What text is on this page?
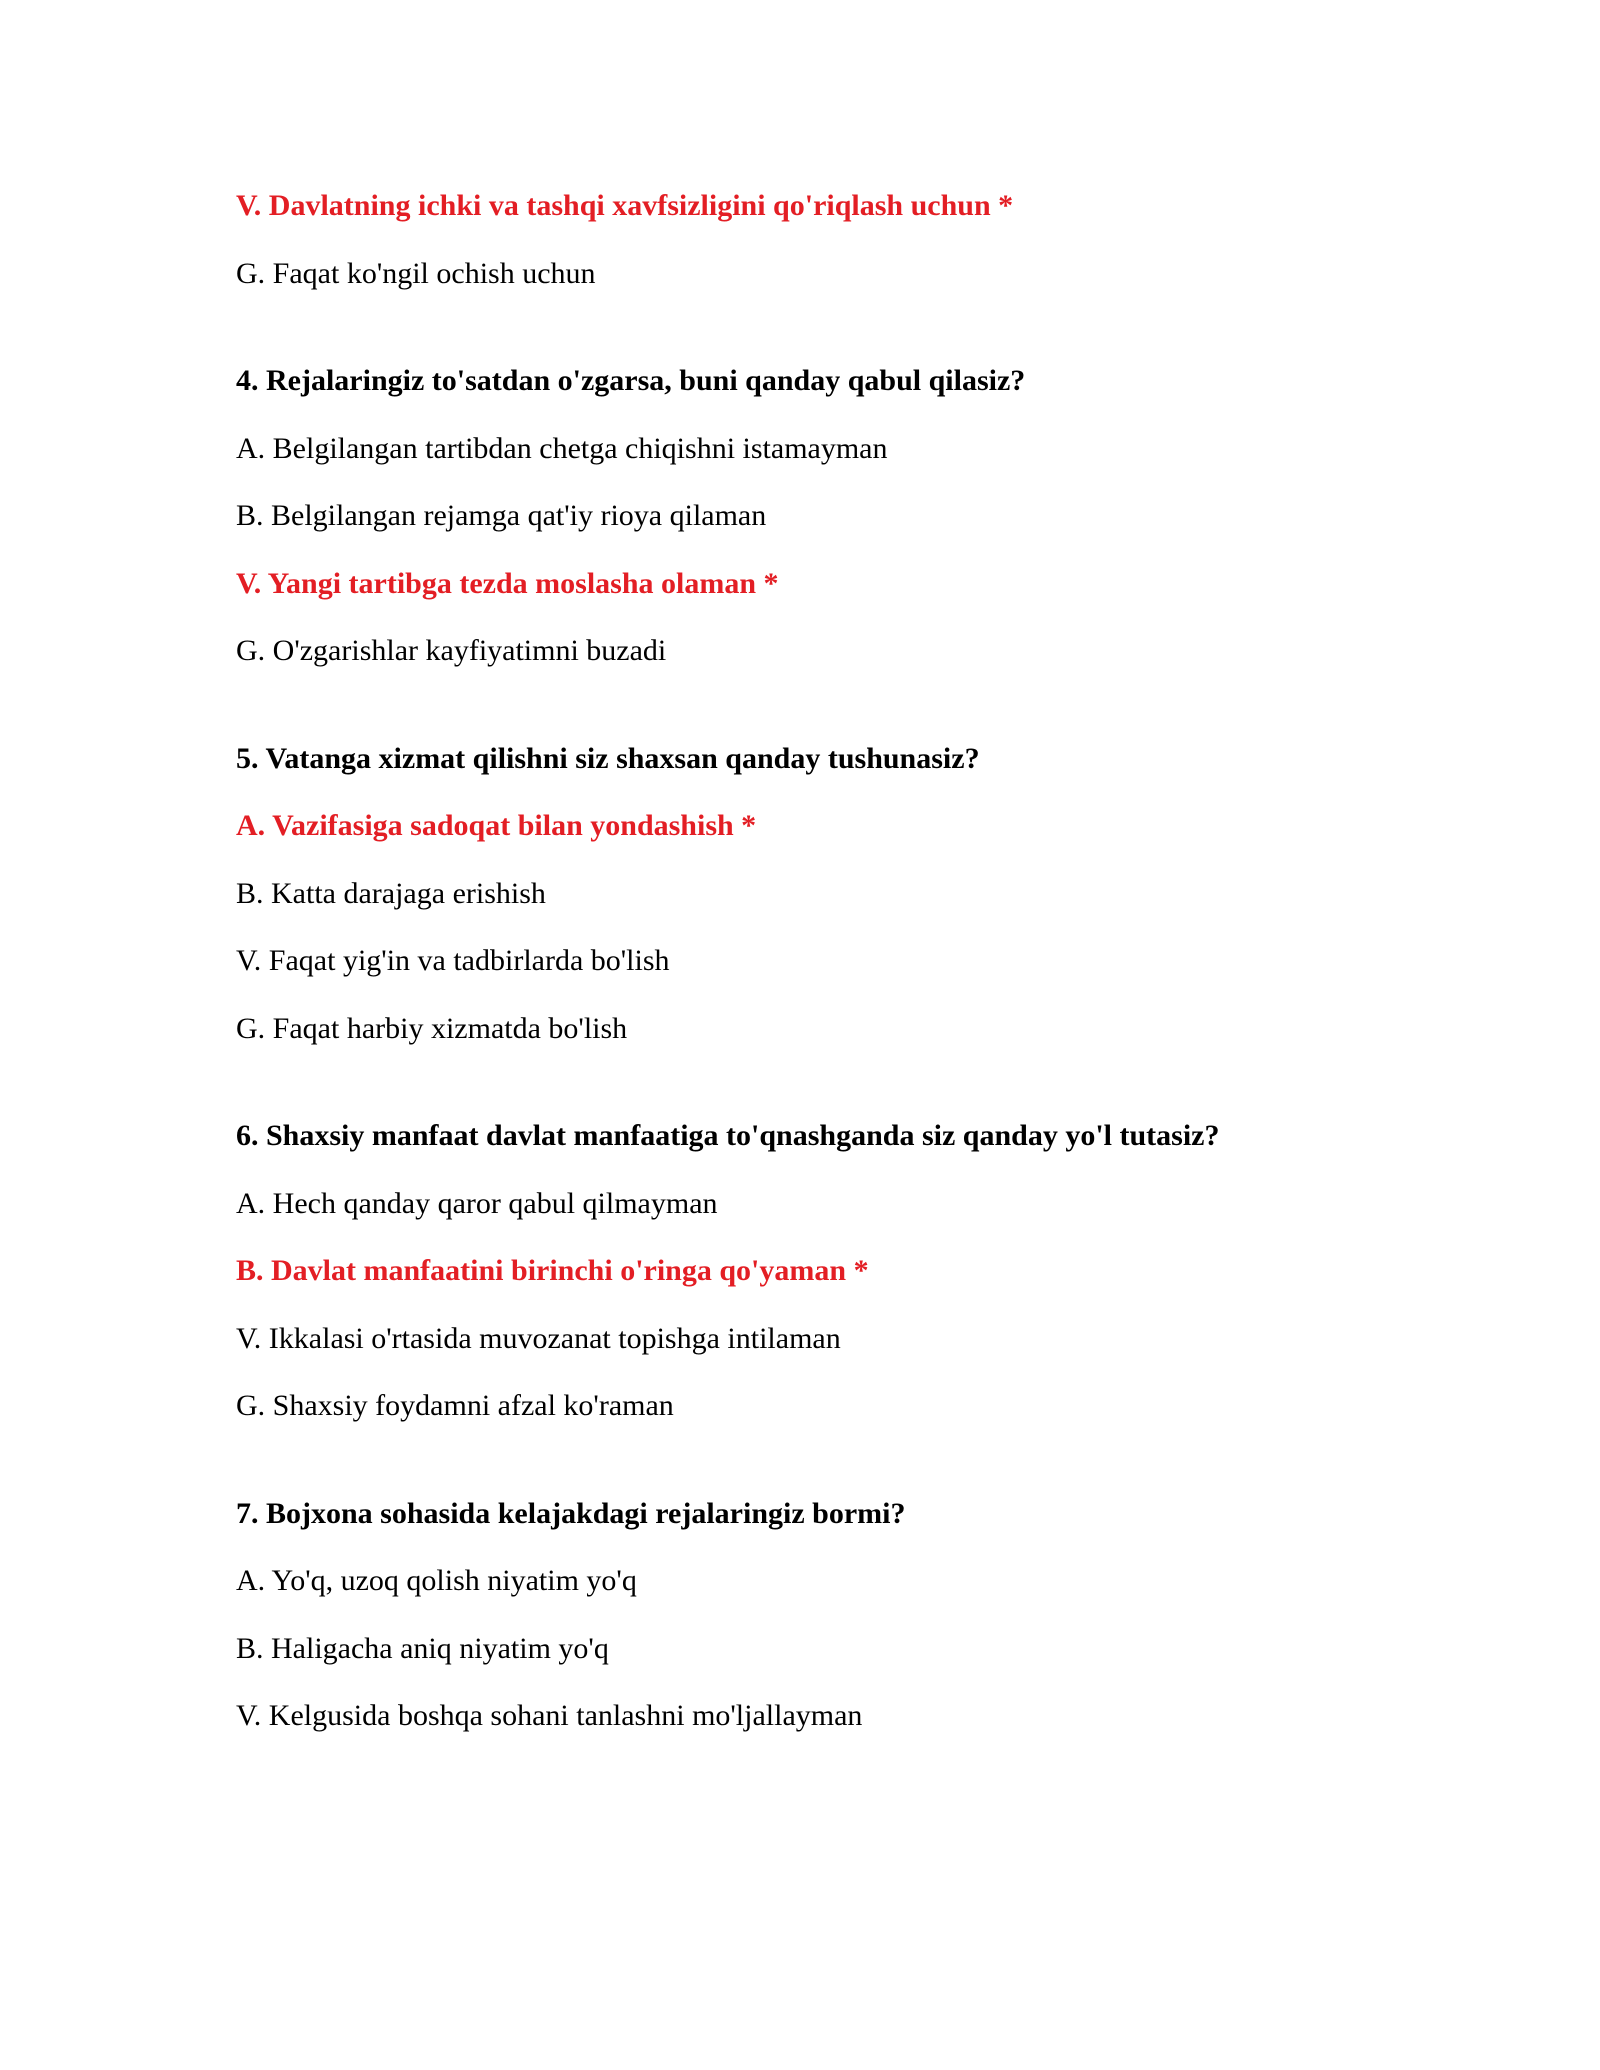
V. Davlatning ichki va tashqi xavfsizligini qo'riqlash uchun *
G. Faqat ko'ngil ochish uchun
4. Rejalaringiz to'satdan o'zgarsa, buni qanday qabul qilasiz?
A. Belgilangan tartibdan chetga chiqishni istamayman
B. Belgilangan rejamga qat'iy rioya qilaman
V. Yangi tartibga tezda moslasha olaman *
G. O'zgarishlar kayfiyatimni buzadi
5. Vatanga xizmat qilishni siz shaxsan qanday tushunasiz?
A. Vazifasiga sadoqat bilan yondashish *
B. Katta darajaga erishish
V. Faqat yig'in va tadbirlarda bo'lish
G. Faqat harbiy xizmatda bo'lish
6. Shaxsiy manfaat davlat manfaatiga to'qnashganda siz qanday yo'l tutasiz?
A. Hech qanday qaror qabul qilmayman
B. Davlat manfaatini birinchi o'ringa qo'yaman *
V. Ikkalasi o'rtasida muvozanat topishga intilaman
G. Shaxsiy foydamni afzal ko'raman
7. Bojxona sohasida kelajakdagi rejalaringiz bormi?
A. Yo'q, uzoq qolish niyatim yo'q
B. Haligacha aniq niyatim yo'q
V. Kelgusida boshqa sohani tanlashni mo'ljallayman
